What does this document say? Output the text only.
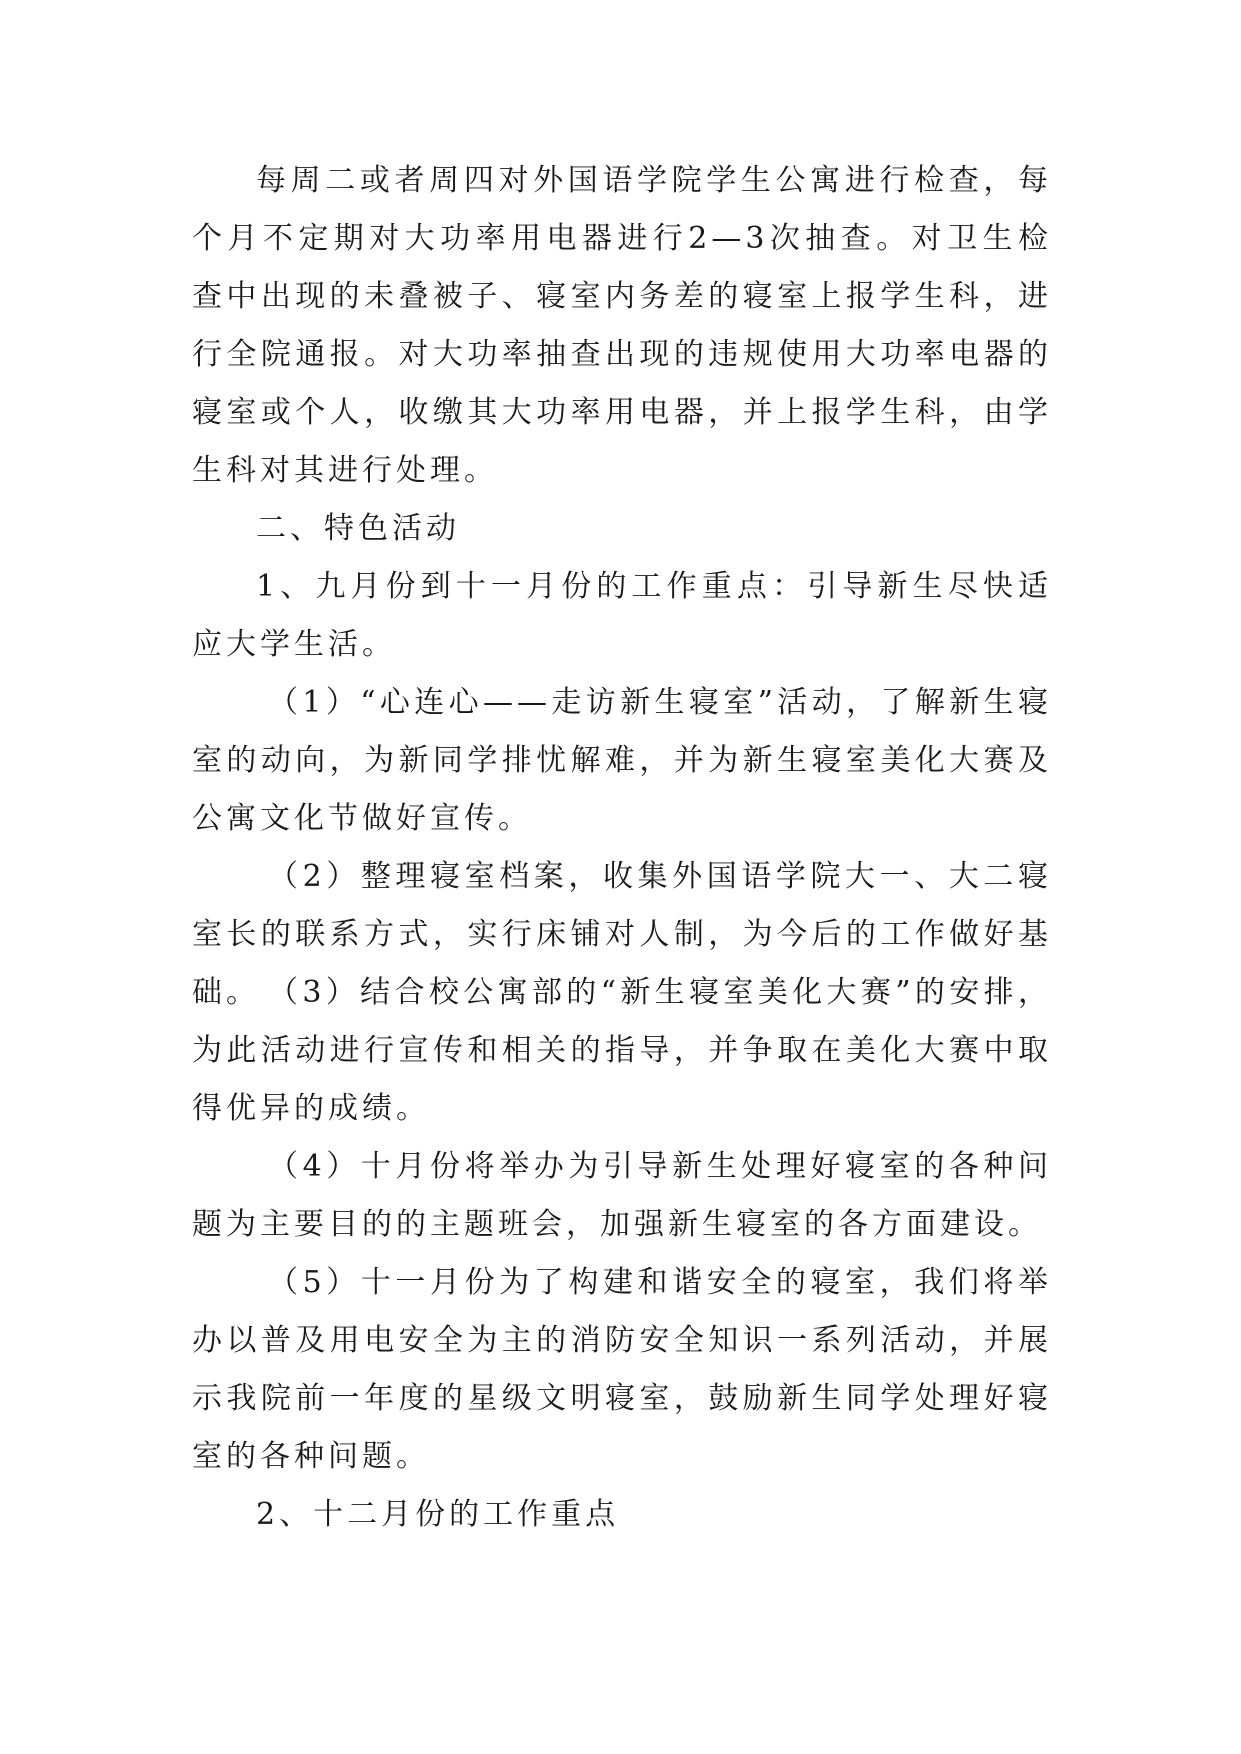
每周二或者周四对外国语学院学生公寓进行检查，每个月不定期对大功率用电器进行2—3次抽查。对卫生检查中出现的未叠被子、寝室内务差的寝室上报学生科，进行全院通报。对大功率抽查出现的违规使用大功率电器的寝室或个人，收缴其大功率用电器，并上报学生科，由学生科对其进行处理。

二、特色活动

1、九月份到十一月份的工作重点：引导新生尽快适应大学生活。

（1）“心连心——走访新生寝室”活动，了解新生寝室的动向，为新同学排忧解难，并为新生寝室美化大赛及公寓文化节做好宣传。

（2）整理寝室档案，收集外国语学院大一、大二寝室长的联系方式，实行床铺对人制，为今后的工作做好基础。 （3）结合校公寓部的“新生寝室美化大赛”的安排，为此活动进行宣传和相关的指导，并争取在美化大赛中取得优异的成绩。

（4）十月份将举办为引导新生处理好寝室的各种问题为主要目的的主题班会，加强新生寝室的各方面建设。

（5）十一月份为了构建和谐安全的寝室，我们将举办以普及用电安全为主的消防安全知识一系列活动，并展示我院前一年度的星级文明寝室，鼓励新生同学处理好寝室的各种问题。

2、十二月份的工作重点
